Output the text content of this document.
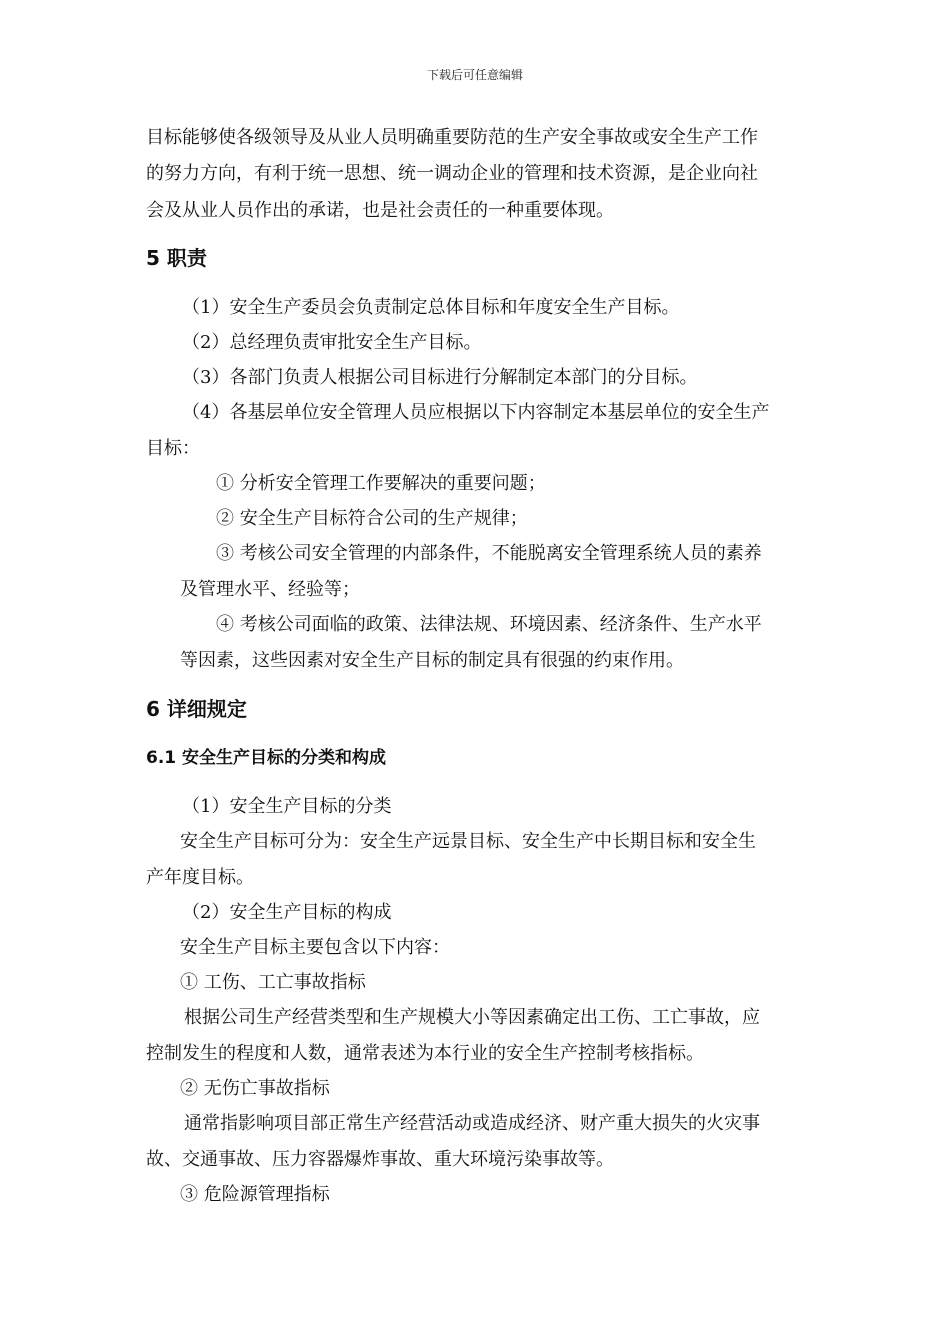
下载后可任意编辑
目标能够使各级领导及从业人员明确重要防范的生产安全事故或安全生产工作
的努力方向，有利于统一思想、统一调动企业的管理和技术资源，是企业向社
会及从业人员作出的承诺，也是社会责任的一种重要体现。
5 职责
（1）安全生产委员会负责制定总体目标和年度安全生产目标。
（2）总经理负责审批安全生产目标。
（3）各部门负责人根据公司目标进行分解制定本部门的分目标。
（4）各基层单位安全管理人员应根据以下内容制定本基层单位的安全生产
目标：
① 分析安全管理工作要解决的重要问题；
② 安全生产目标符合公司的生产规律；
③ 考核公司安全管理的内部条件，不能脱离安全管理系统人员的素养
及管理水平、经验等；
④ 考核公司面临的政策、法律法规、环境因素、经济条件、生产水平
等因素，这些因素对安全生产目标的制定具有很强的约束作用。
6 详细规定
6.1 安全生产目标的分类和构成
（1）安全生产目标的分类
安全生产目标可分为：安全生产远景目标、安全生产中长期目标和安全生
产年度目标。
（2）安全生产目标的构成
安全生产目标主要包含以下内容：
① 工伤、工亡事故指标
根据公司生产经营类型和生产规模大小等因素确定出工伤、工亡事故，应
控制发生的程度和人数，通常表述为本行业的安全生产控制考核指标。
② 无伤亡事故指标
通常指影响项目部正常生产经营活动或造成经济、财产重大损失的火灾事
故、交通事故、压力容器爆炸事故、重大环境污染事故等。
③ 危险源管理指标
